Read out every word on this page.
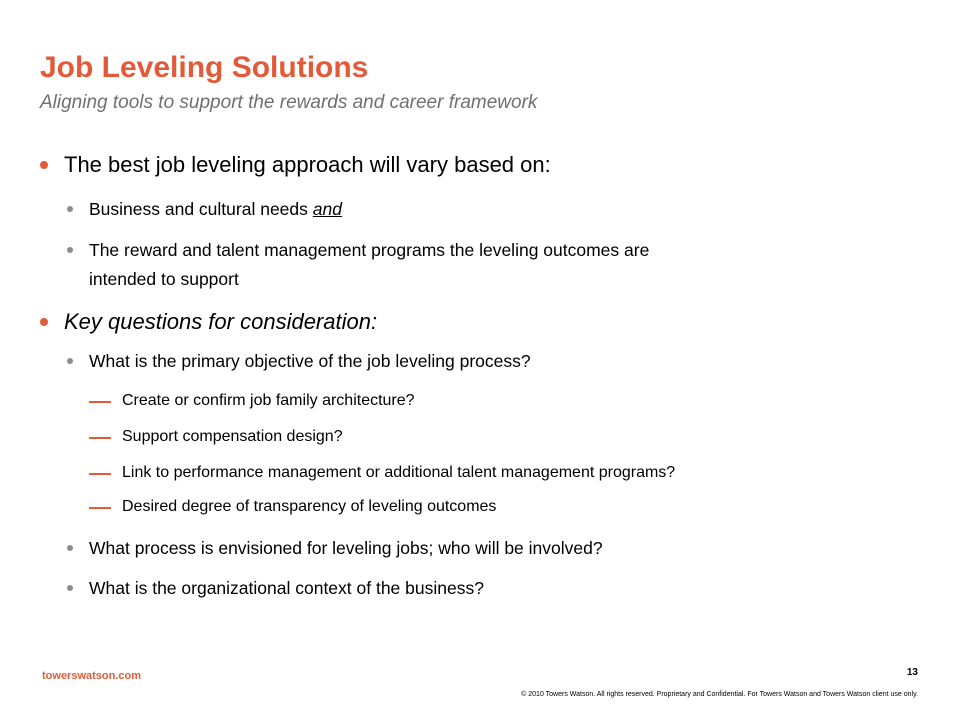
Job Leveling Solutions

Aligning tools to support the rewards and career framework

The best job leveling approach will vary based on:
Business and cultural needs and
The reward and talent management programs the leveling outcomes are
intended to support
Key questions for consideration:
What is the primary objective of the job leveling process?
Create or confirm job family architecture?
Support compensation design?
Link to performance management or additional talent management programs?
Desired degree of transparency of leveling outcomes
What process is envisioned for leveling jobs; who will be involved?
What is the organizational context of the business?
towerswatson.com	13
© 2010 Towers Watson. All rights reserved. Proprietary and Confidential. For Towers Watson and Towers Watson client use only.
